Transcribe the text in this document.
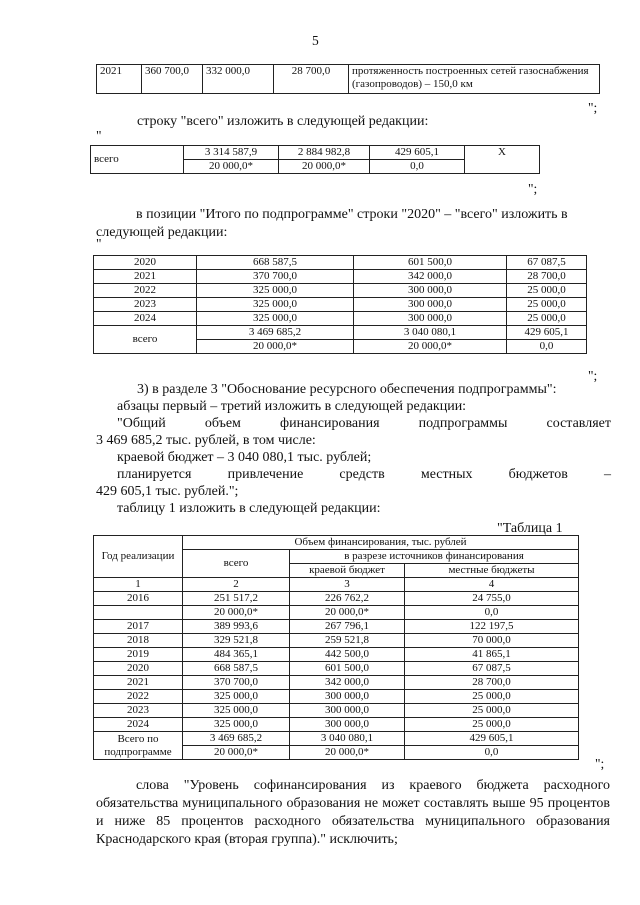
5
2021	360 700,0	332 000,0	28 700,0	протяженность построенных сетей газоснабжения (газопроводов) – 150,0 км
";
строку "всего" изложить в следующей редакции:
"
всего	3 314 587,9	2 884 982,8	429 605,1	X
	20 000,0*	20 000,0*	0,0	
";
в позиции "Итого по подпрограмме" строки "2020" – "всего" изложить в следующей редакции:
"
2020	668 587,5	601 500,0	67 087,5
2021	370 700,0	342 000,0	28 700,0
2022	325 000,0	300 000,0	25 000,0
2023	325 000,0	300 000,0	25 000,0
2024	325 000,0	300 000,0	25 000,0
всего	3 469 685,2	3 040 080,1	429 605,1
	20 000,0*	20 000,0*	0,0
";
3) в разделе 3 "Обоснование ресурсного обеспечения подпрограммы":
абзацы первый – третий изложить в следующей редакции:
"Общий	объем	финансирования	подпрограммы	составляет
3 469 685,2 тыс. рублей, в том числе:
краевой бюджет – 3 040 080,1 тыс. рублей;
планируется	привлечение	средств	местных	бюджетов	–
429 605,1 тыс. рублей.";
таблицу 1 изложить в следующей редакции:
"Таблица 1
Год реализации	Объем финансирования, тыс. рублей		
	всего	в разрезе источников финансирования	
		краевой бюджет	местные бюджеты
1	2	3	4
2016	251 517,2	226 762,2	24 755,0
	20 000,0*	20 000,0*	0,0
2017	389 993,6	267 796,1	122 197,5
2018	329 521,8	259 521,8	70 000,0
2019	484 365,1	442 500,0	41 865,1
2020	668 587,5	601 500,0	67 087,5
2021	370 700,0	342 000,0	28 700,0
2022	325 000,0	300 000,0	25 000,0
2023	325 000,0	300 000,0	25 000,0
2024	325 000,0	300 000,0	25 000,0
Всего по подпрограмме	3 469 685,2	3 040 080,1	429 605,1
	20 000,0*	20 000,0*	0,0
";
слова "Уровень софинансирования из краевого бюджета расходного обязательства муниципального образования не может составлять выше 95 процентов и ниже 85 процентов расходного обязательства муниципального образования Краснодарского края (вторая группа)." исключить;
